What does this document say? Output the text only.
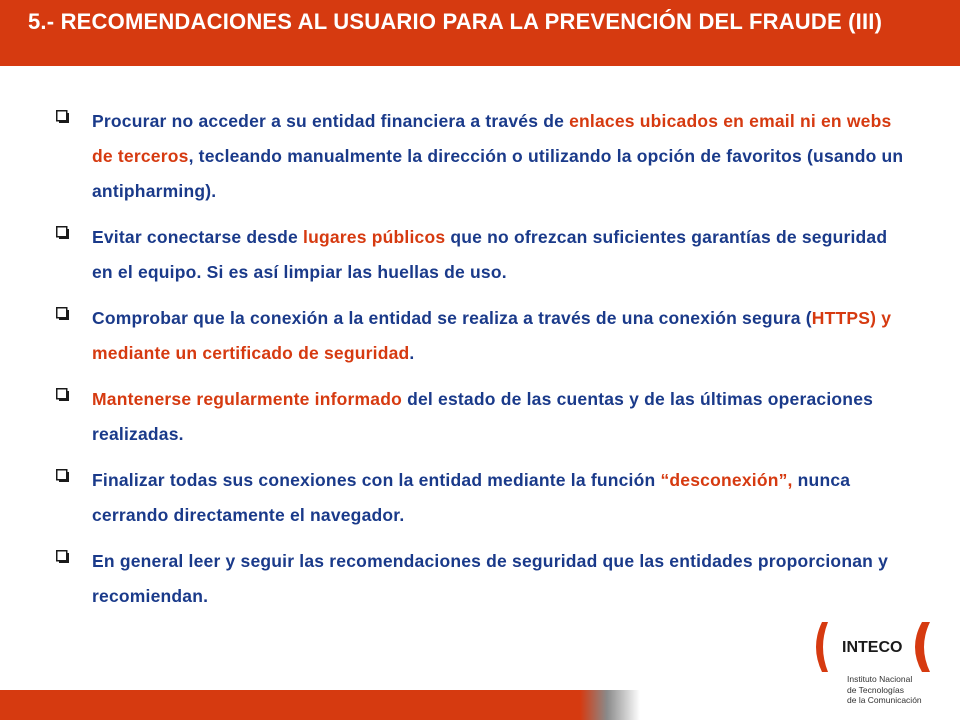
5.- RECOMENDACIONES AL USUARIO PARA LA PREVENCIÓN DEL FRAUDE (III)

Procurar no acceder a su entidad financiera a través de enlaces ubicados en email ni en webs de terceros, tecleando manualmente la dirección o utilizando la opción de favoritos (usando un antipharming).

Evitar conectarse desde lugares públicos que no ofrezcan suficientes garantías de seguridad en el equipo. Si es así limpiar las huellas de uso.

Comprobar que la conexión a la entidad se realiza a través de una conexión segura (HTTPS) y mediante un certificado de seguridad.

Mantenerse regularmente informado del estado de las cuentas y de las últimas operaciones realizadas.

Finalizar todas sus conexiones con la entidad mediante la función “desconexión”, nunca cerrando directamente el navegador.

En general leer y seguir las recomendaciones de seguridad que las entidades proporcionan y recomiendan.

INTECO
Instituto Nacional
de Tecnologías
de la Comunicación
